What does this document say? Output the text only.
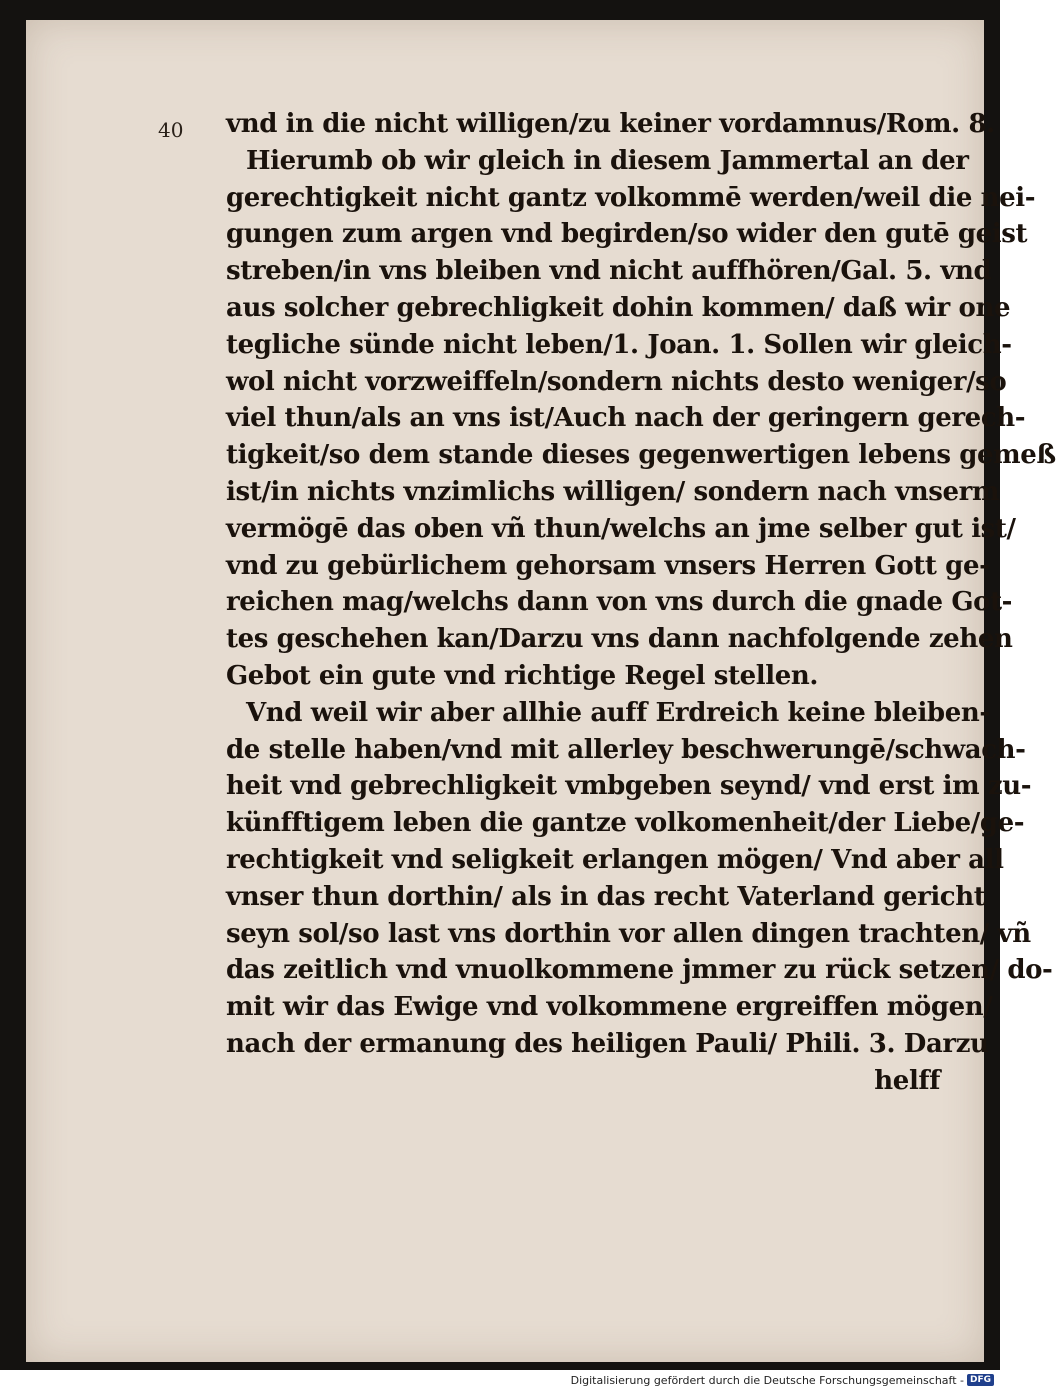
40 vnd in die nicht willigen/zu keiner vordamnus/Rom. 8.
Hierumb ob wir gleich in diesem Jammertal an der
gerechtigkeit nicht gantz volkommē werden/weil die nei-
gungen zum argen vnd begirden/so wider den gutē geist
streben/in vns bleiben vnd nicht auffhören/Gal. 5. vnd
aus solcher gebrechligkeit dohin kommen/ daß wir one
tegliche sünde nicht leben/1. Joan. 1. Sollen wir gleich-
wol nicht vorzweiffeln/sondern nichts desto weniger/so
viel thun/als an vns ist/Auch nach der geringern gerech-
tigkeit/so dem stande dieses gegenwertigen lebens gemeß
ist/in nichts vnzimlichs willigen/ sondern nach vnserm
vermögē das oben vñ thun/welchs an jme selber gut ist/
vnd zu gebürlichem gehorsam vnsers Herren Gott ge-
reichen mag/welchs dann von vns durch die gnade Got-
tes geschehen kan/Darzu vns dann nachfolgende zehen
Gebot ein gute vnd richtige Regel stellen.
Vnd weil wir aber allhie auff Erdreich keine bleiben-
de stelle haben/vnd mit allerley beschwerungē/schwach-
heit vnd gebrechligkeit vmbgeben seynd/ vnd erst im zu-
künfftigem leben die gantze volkomenheit/der Liebe/ge-
rechtigkeit vnd seligkeit erlangen mögen/ Vnd aber all
vnser thun dorthin/ als in das recht Vaterland gericht
seyn sol/so last vns dorthin vor allen dingen trachten/ vñ
das zeitlich vnd vnuolkommene jmmer zu rück setzen/ do-
mit wir das Ewige vnd volkommene ergreiffen mögen/
nach der ermanung des heiligen Pauli/ Phili. 3. Darzu
helff
Digitalisierung gefördert durch die Deutsche Forschungsgemeinschaft - DFG
